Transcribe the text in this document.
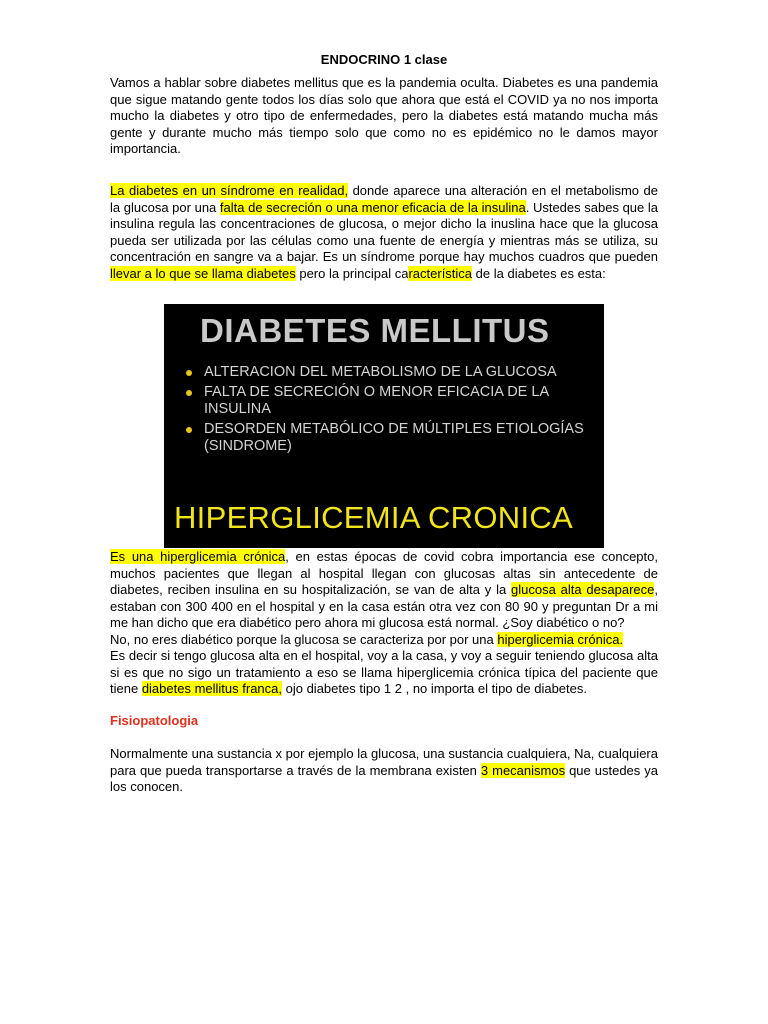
ENDOCRINO 1 clase

Vamos a hablar sobre diabetes mellitus que es la pandemia oculta. Diabetes es una pandemia que sigue matando gente todos los días solo que ahora que está el COVID ya no nos importa mucho la diabetes y otro tipo de enfermedades, pero la diabetes está matando mucha más gente y durante mucho más tiempo solo que como no es epidémico no le damos mayor importancia.

La diabetes en un síndrome en realidad, donde aparece una alteración en el metabolismo de la glucosa por una falta de secreción o una menor eficacia de la insulina. Ustedes sabes que la insulina regula las concentraciones de glucosa, o mejor dicho la inuslina hace que la glucosa pueda ser utilizada por las células como una fuente de energía y mientras más se utiliza, su concentración en sangre va a bajar. Es un síndrome porque hay muchos cuadros que pueden llevar a lo que se llama diabetes pero la principal característica de la diabetes es esta:

DIABETES MELLITUS
ALTERACION DEL METABOLISMO DE LA GLUCOSA
FALTA DE SECRECIÓN O MENOR EFICACIA DE LA INSULINA
DESORDEN METABÓLICO DE MÚLTIPLES ETIOLOGÍAS (SINDROME)
HIPERGLICEMIA CRONICA

Es una hiperglicemia crónica, en estas épocas de covid cobra importancia ese concepto, muchos pacientes que llegan al hospital llegan con glucosas altas sin antecedente de diabetes, reciben insulina en su hospitalización, se van de alta y la glucosa alta desaparece, estaban con 300 400 en el hospital y en la casa están otra vez con 80 90 y preguntan Dr a mi me han dicho que era diabético pero ahora mi glucosa está normal. ¿Soy diabético o no?
No, no eres diabético porque la glucosa se caracteriza por por una hiperglicemia crónica.
Es decir si tengo glucosa alta en el hospital, voy a la casa, y voy a seguir teniendo glucosa alta si es que no sigo un tratamiento a eso se llama hiperglicemia crónica típica del paciente que tiene diabetes mellitus franca, ojo diabetes tipo 1 2 , no importa el tipo de diabetes.

Fisiopatologia

Normalmente una sustancia x por ejemplo la glucosa, una sustancia cualquiera, Na, cualquiera para que pueda transportarse a través de la membrana existen 3 mecanismos que ustedes ya los conocen.
